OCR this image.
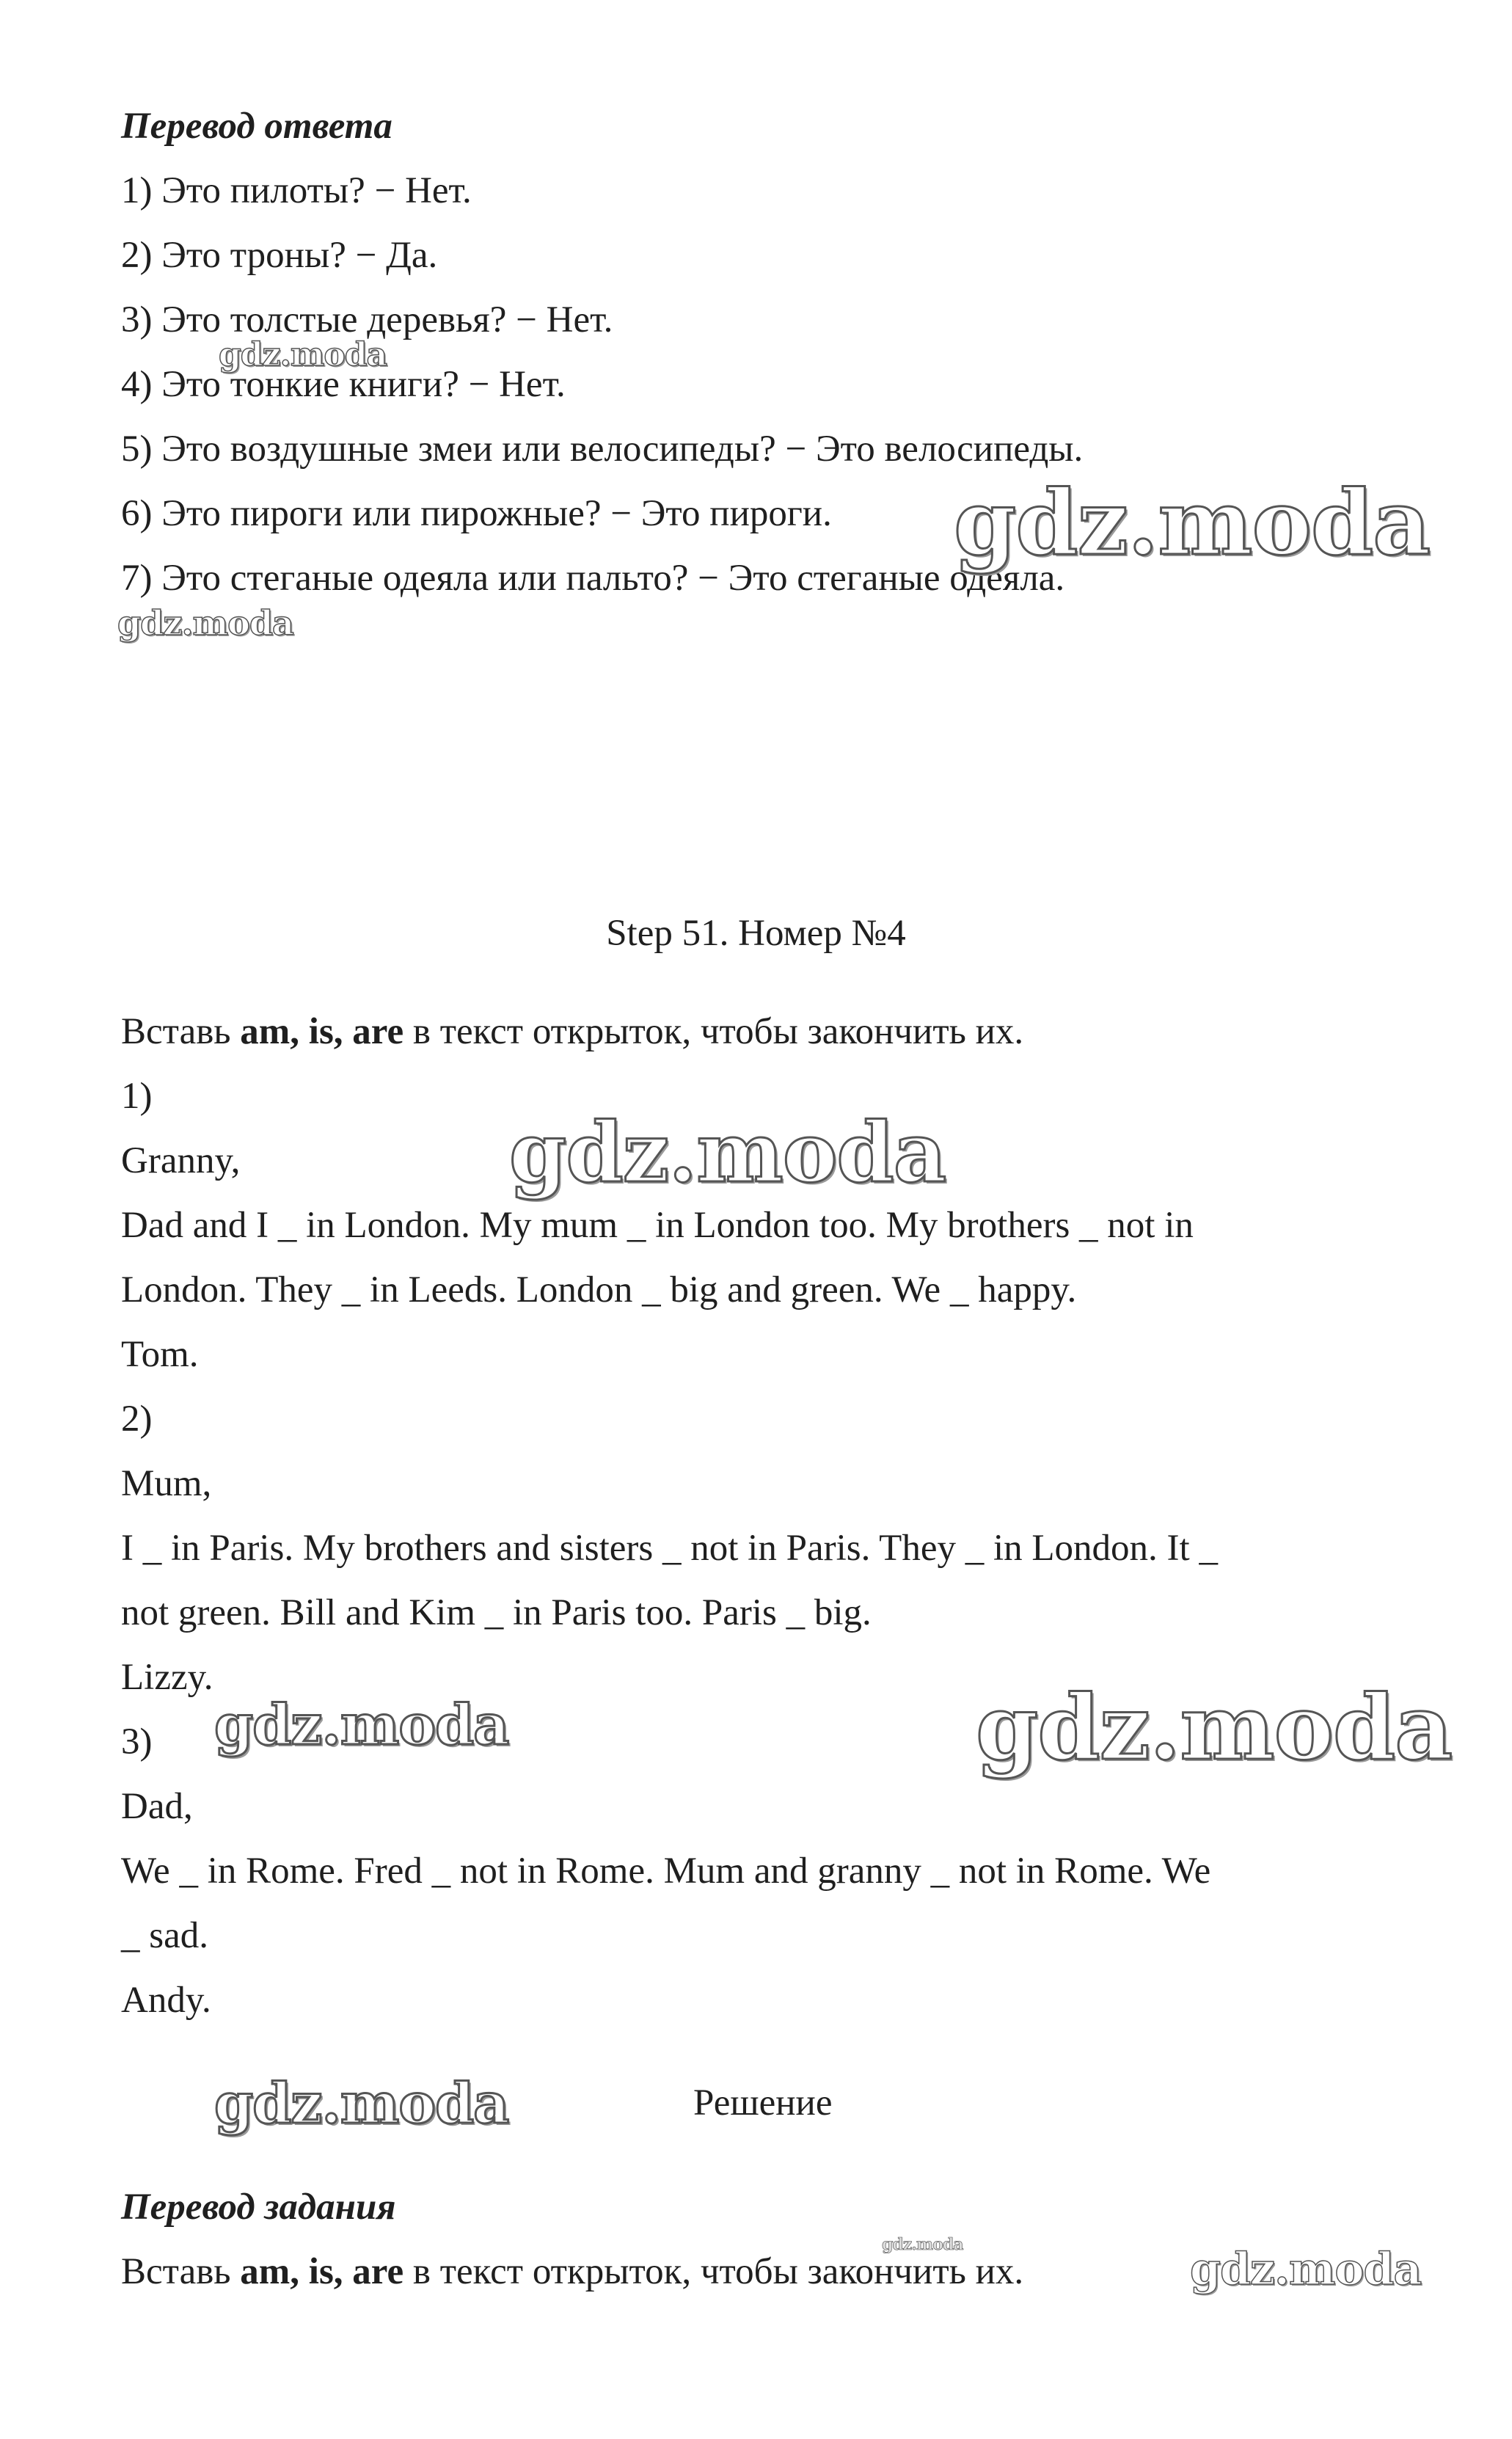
Перевод ответа
1) Это пилоты? − Нет.
2) Это троны? − Да.
3) Это толстые деревья? − Нет.
4) Это тонкие книги? − Нет.
5) Это воздушные змеи или велосипеды? − Это велосипеды.
6) Это пироги или пирожные? − Это пироги.
7) Это стеганые одеяла или пальто? − Это стеганые одеяла.
Step 51. Номер №4
Вставь am, is, are в текст открыток, чтобы закончить их.
1)
Granny,
Dad and I _ in London. My mum _ in London too. My brothers _ not in
London. They _ in Leeds. London _ big and green. We _ happy.
Tom.
2)
Mum,
I _ in Paris. My brothers and sisters _ not in Paris. They _ in London. It _
not green. Bill and Kim _ in Paris too. Paris _ big.
Lizzy.
3)
Dad,
We _ in Rome. Fred _ not in Rome. Mum and granny _ not in Rome. We
_ sad.
Andy.
Решение
Перевод задания
Вставь am, is, are в текст открыток, чтобы закончить их.
gdz.moda
gdz.moda
gdz.moda
gdz.moda
gdz.moda	gdz.moda
gdz.moda
gdz.moda	gdz.moda
